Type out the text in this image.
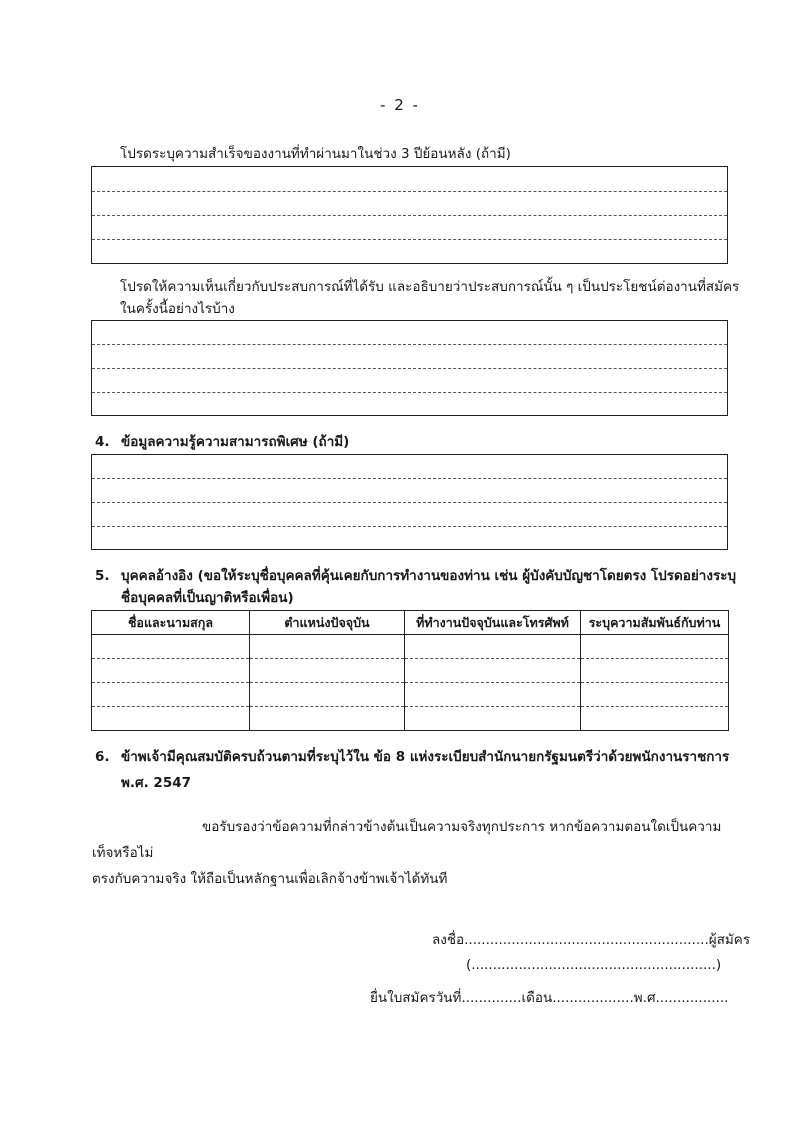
- 2 -
โปรดระบุความสำเร็จของงานที่ทำผ่านมาในช่วง 3 ปีย้อนหลัง (ถ้ามี)
โปรดให้ความเห็นเกี่ยวกับประสบการณ์ที่ได้รับ และอธิบายว่าประสบการณ์นั้น ๆ เป็นประโยชน์ต่องานที่สมัคร
ในครั้งนี้อย่างไรบ้าง
4. ข้อมูลความรู้ความสามารถพิเศษ (ถ้ามี)
5. บุคคลอ้างอิง (ขอให้ระบุชื่อบุคคลที่คุ้นเคยกับการทำงานของท่าน เช่น ผู้บังคับบัญชาโดยตรง โปรดอย่างระบุ
ชื่อบุคคลที่เป็นญาติหรือเพื่อน)
ชื่อและนามสกุล	ตำแหน่งปัจจุบัน	ที่ทำงานปัจจุบันและโทรศัพท์	ระบุความสัมพันธ์กับท่าน

6. ข้าพเจ้ามีคุณสมบัติครบถ้วนตามที่ระบุไว้ใน ข้อ 8 แห่งระเบียบสำนักนายกรัฐมนตรีว่าด้วยพนักงานราชการ
พ.ศ. 2547
ขอรับรองว่าข้อความที่กล่าวข้างต้นเป็นความจริงทุกประการ หากข้อความตอนใดเป็นความเท็จหรือไม่
ตรงกับความจริง ให้ถือเป็นหลักฐานเพื่อเลิกจ้างข้าพเจ้าได้ทันที
ลงชื่อ.........................................................ผู้สมัคร
(.........................................................)
ยื่นใบสมัครวันที่..............เดือน...................พ.ศ.................
